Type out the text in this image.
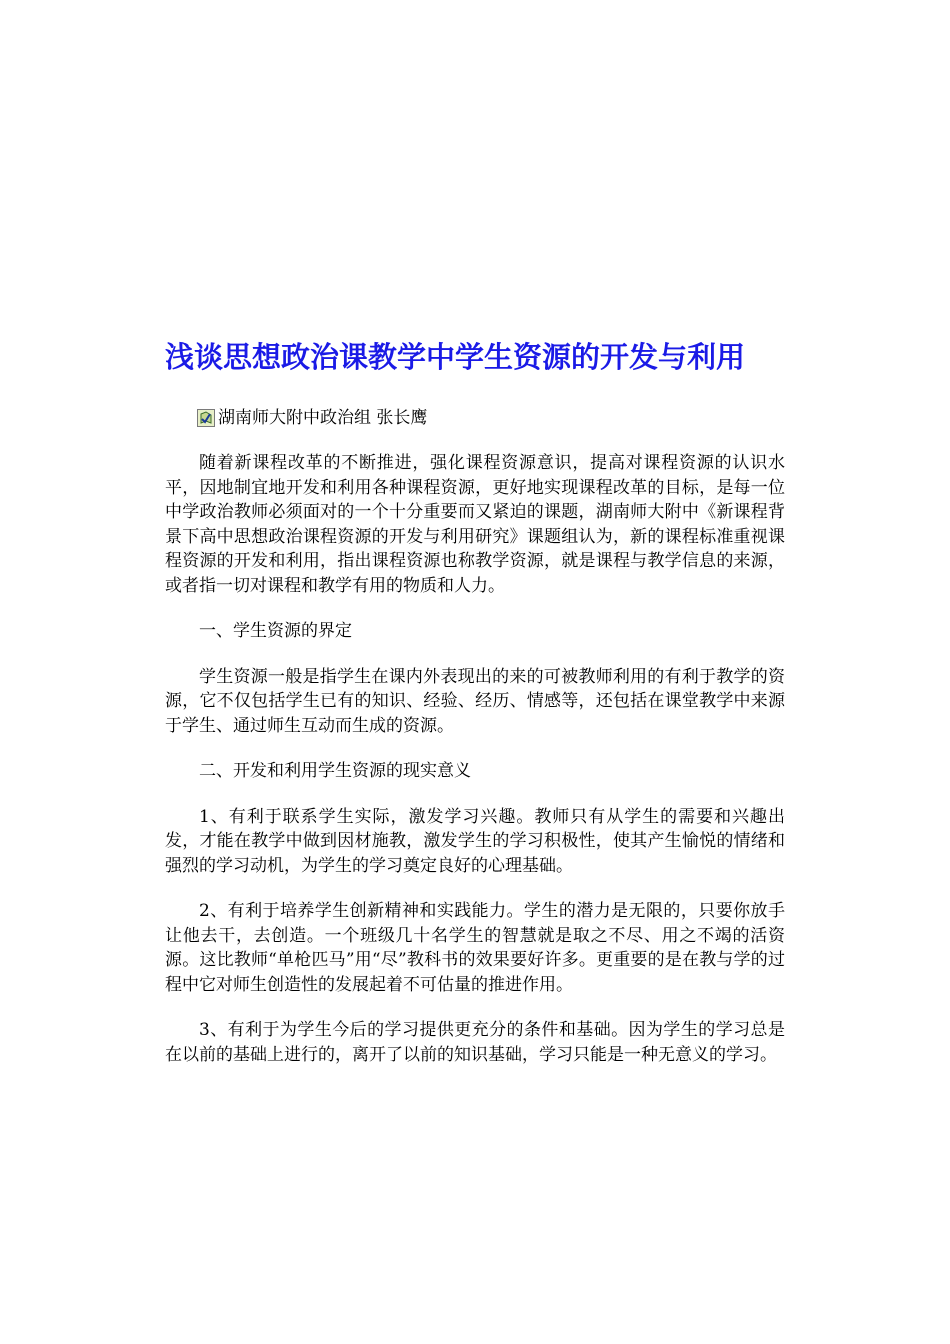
浅谈思想政治课教学中学生资源的开发与利用
湖南师大附中政治组 张长鹰

随着新课程改革的不断推进，强化课程资源意识，提高对课程资源的认识水平，因地制宜地开发和利用各种课程资源，更好地实现课程改革的目标，是每一位中学政治教师必须面对的一个十分重要而又紧迫的课题，湖南师大附中《新课程背景下高中思想政治课程资源的开发与利用研究》课题组认为，新的课程标准重视课程资源的开发和利用，指出课程资源也称教学资源，就是课程与教学信息的来源，或者指一切对课程和教学有用的物质和人力。

一、学生资源的界定

学生资源一般是指学生在课内外表现出的来的可被教师利用的有利于教学的资源，它不仅包括学生已有的知识、经验、经历、情感等，还包括在课堂教学中来源于学生、通过师生互动而生成的资源。

二、开发和利用学生资源的现实意义

1、有利于联系学生实际，激发学习兴趣。教师只有从学生的需要和兴趣出发，才能在教学中做到因材施教，激发学生的学习积极性，使其产生愉悦的情绪和强烈的学习动机，为学生的学习奠定良好的心理基础。

2、有利于培养学生创新精神和实践能力。学生的潜力是无限的，只要你放手让他去干，去创造。一个班级几十名学生的智慧就是取之不尽、用之不竭的活资源。这比教师“单枪匹马”用“尽”教科书的效果要好许多。更重要的是在教与学的过程中它对师生创造性的发展起着不可估量的推进作用。

3、有利于为学生今后的学习提供更充分的条件和基础。因为学生的学习总是在以前的基础上进行的，离开了以前的知识基础，学习只能是一种无意义的学习。
